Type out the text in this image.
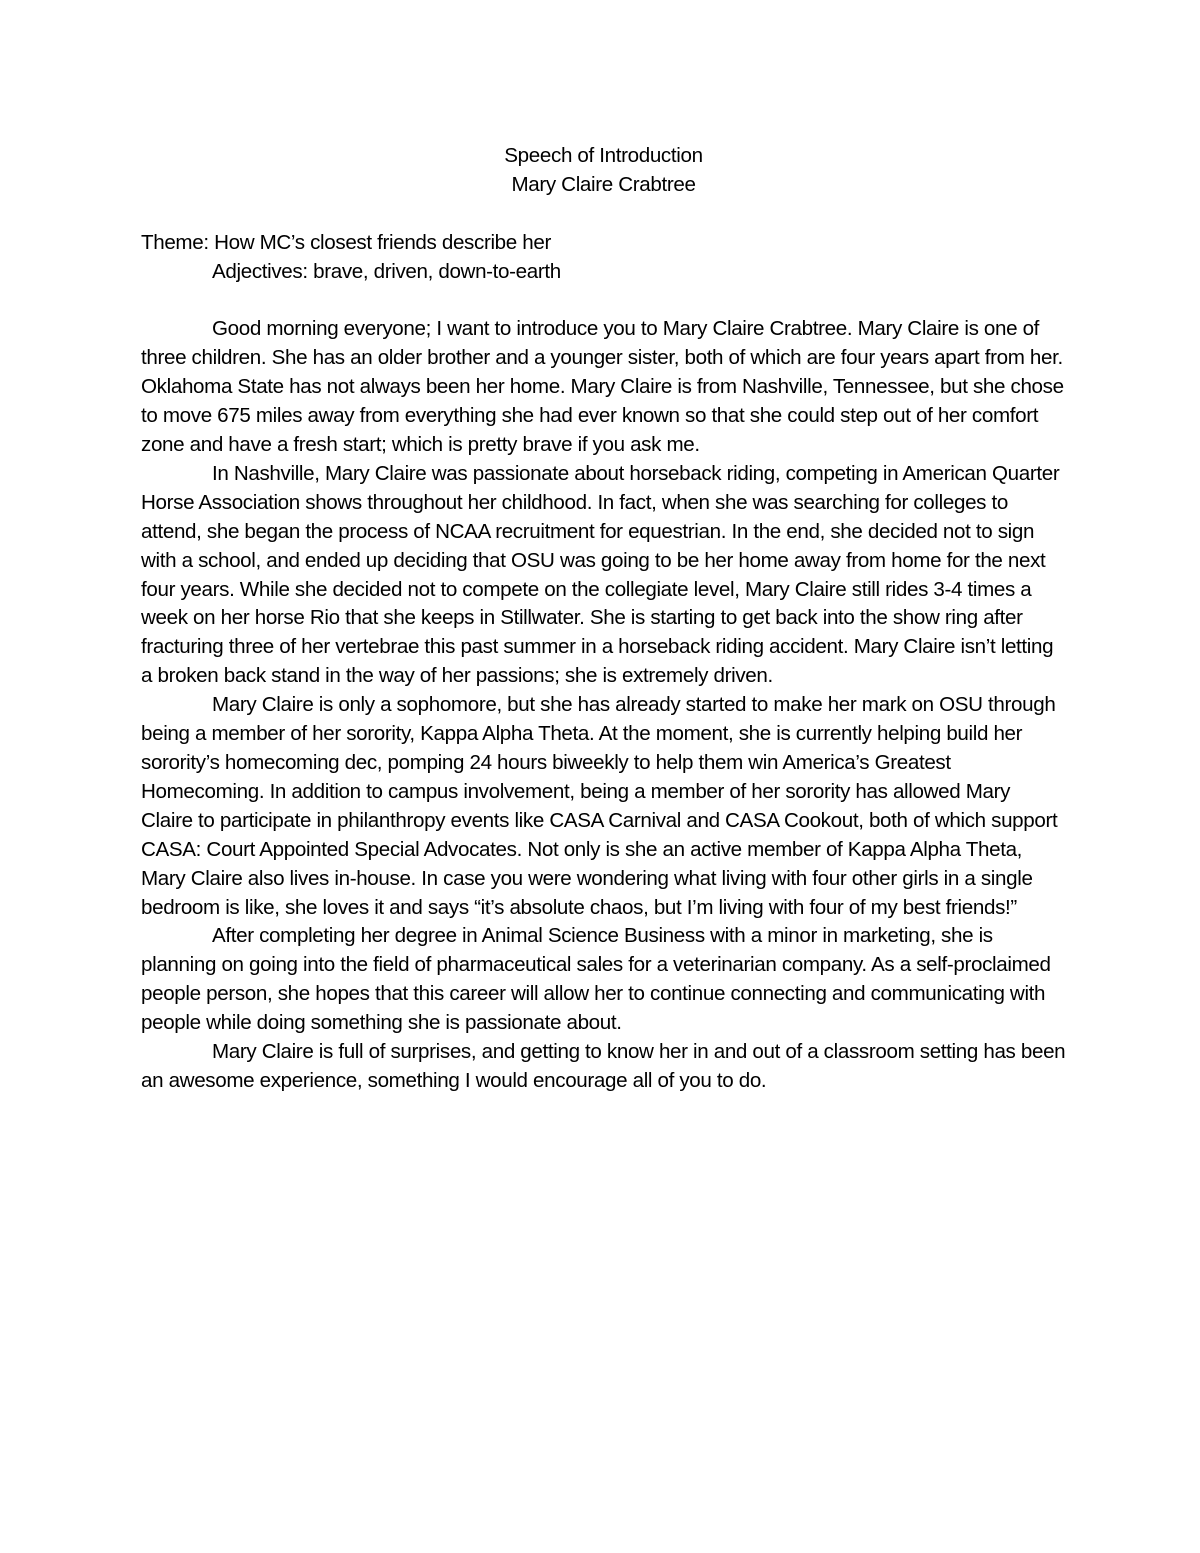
Speech of Introduction

Mary Claire Crabtree

Theme: How MC’s closest friends describe her

Adjectives: brave, driven, down-to-earth

Good morning everyone; I want to introduce you to Mary Claire Crabtree. Mary Claire is one of three children. She has an older brother and a younger sister, both of which are four years apart from her. Oklahoma State has not always been her home. Mary Claire is from Nashville, Tennessee, but she chose to move 675 miles away from everything she had ever known so that she could step out of her comfort zone and have a fresh start; which is pretty brave if you ask me.

In Nashville, Mary Claire was passionate about horseback riding, competing in American Quarter Horse Association shows throughout her childhood. In fact, when she was searching for colleges to attend, she began the process of NCAA recruitment for equestrian. In the end, she decided not to sign with a school, and ended up deciding that OSU was going to be her home away from home for the next four years. While she decided not to compete on the collegiate level, Mary Claire still rides 3-4 times a week on her horse Rio that she keeps in Stillwater. She is starting to get back into the show ring after fracturing three of her vertebrae this past summer in a horseback riding accident. Mary Claire isn’t letting a broken back stand in the way of her passions; she is extremely driven.

Mary Claire is only a sophomore, but she has already started to make her mark on OSU through being a member of her sorority, Kappa Alpha Theta. At the moment, she is currently helping build her sorority’s homecoming dec, pomping 24 hours biweekly to help them win America’s Greatest Homecoming. In addition to campus involvement, being a member of her sorority has allowed Mary Claire to participate in philanthropy events like CASA Carnival and CASA Cookout, both of which support CASA: Court Appointed Special Advocates. Not only is she an active member of Kappa Alpha Theta, Mary Claire also lives in-house. In case you were wondering what living with four other girls in a single bedroom is like, she loves it and says “it’s absolute chaos, but I’m living with four of my best friends!”

After completing her degree in Animal Science Business with a minor in marketing, she is planning on going into the field of pharmaceutical sales for a veterinarian company. As a self-proclaimed people person, she hopes that this career will allow her to continue connecting and communicating with people while doing something she is passionate about.

Mary Claire is full of surprises, and getting to know her in and out of a classroom setting has been an awesome experience, something I would encourage all of you to do.
